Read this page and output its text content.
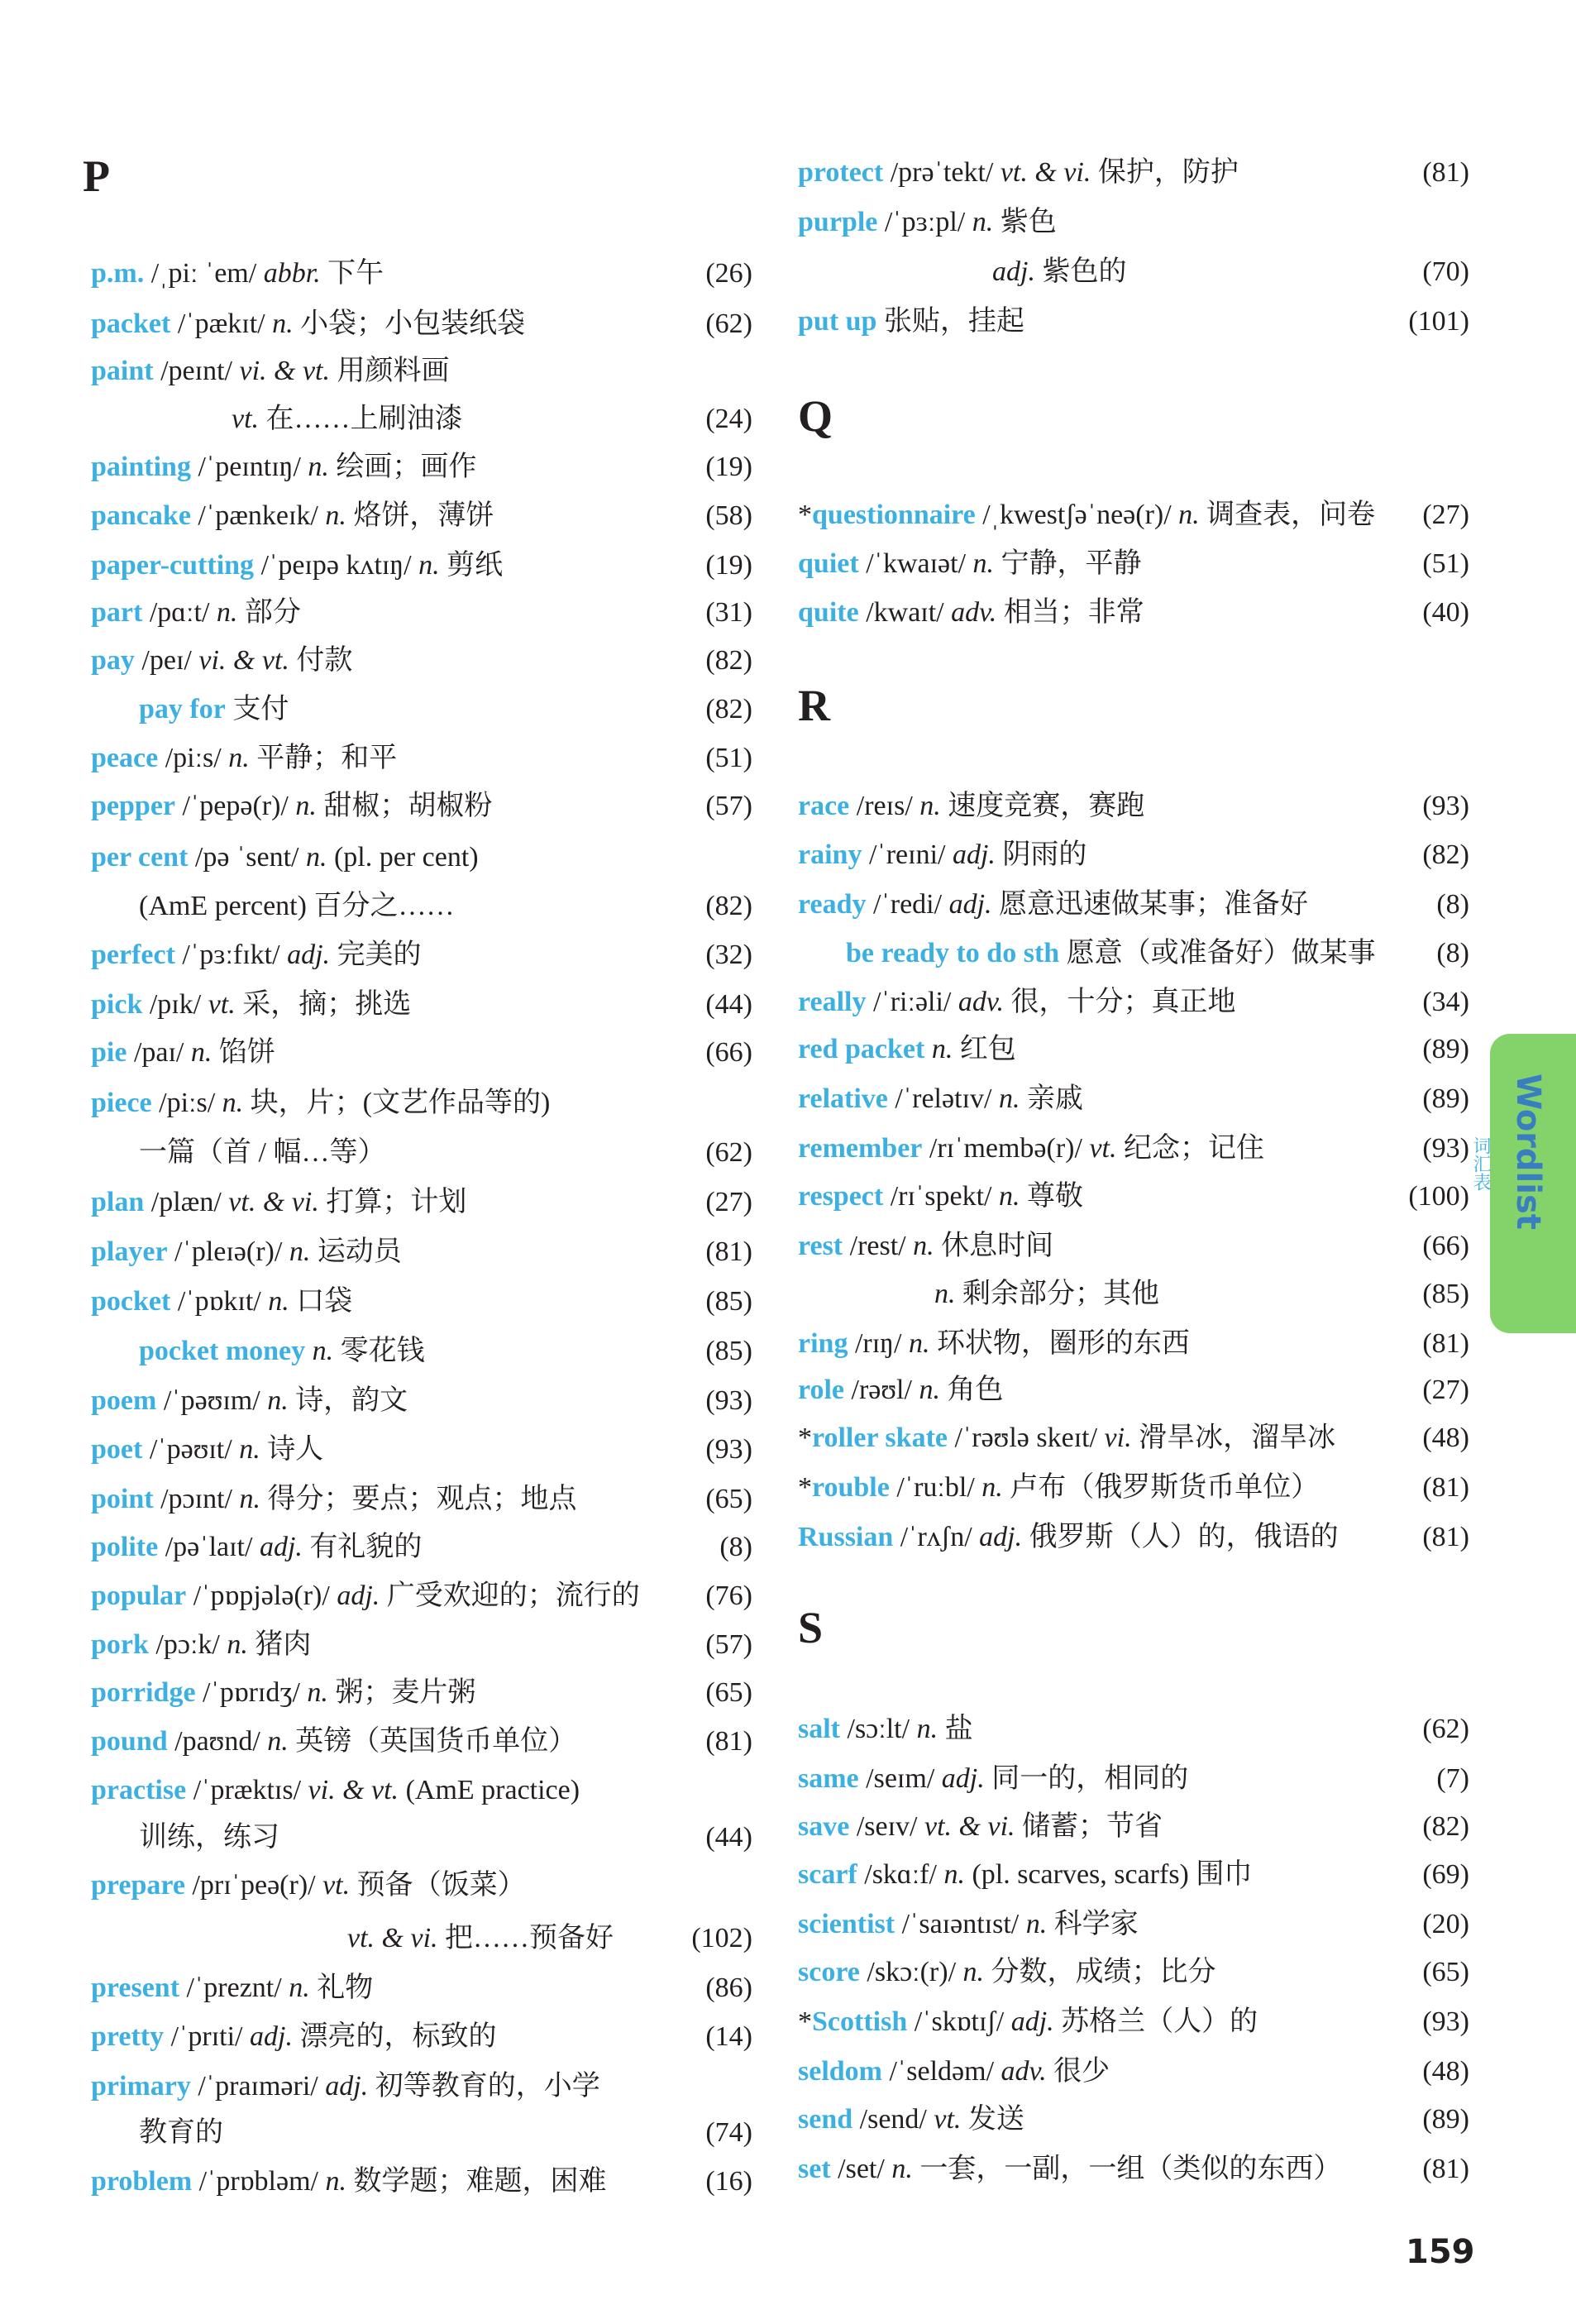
P
p.m. /ˌpiː ˈem/ abbr. 下午	(26)
packet /ˈpækɪt/ n. 小袋；小包装纸袋	(62)
paint /peɪnt/ vi. & vt. 用颜料画
vt. 在……上刷油漆	(24)
painting /ˈpeɪntɪŋ/ n. 绘画；画作	(19)
pancake /ˈpænkeɪk/ n. 烙饼，薄饼	(58)
paper-cutting /ˈpeɪpə kʌtɪŋ/ n. 剪纸	(19)
part /pɑːt/ n. 部分	(31)
pay /peɪ/ vi. & vt. 付款	(82)
pay for 支付	(82)
peace /piːs/ n. 平静；和平	(51)
pepper /ˈpepə(r)/ n. 甜椒；胡椒粉	(57)
per cent /pə ˈsent/ n. (pl. per cent)
(AmE percent) 百分之……	(82)
perfect /ˈpɜːfɪkt/ adj. 完美的	(32)
pick /pɪk/ vt. 采，摘；挑选	(44)
pie /paɪ/ n. 馅饼	(66)
piece /piːs/ n. 块，片；(文艺作品等的)
一篇（首 / 幅…等）	(62)
plan /plæn/ vt. & vi. 打算；计划	(27)
player /ˈpleɪə(r)/ n. 运动员	(81)
pocket /ˈpɒkɪt/ n. 口袋	(85)
pocket money n. 零花钱	(85)
poem /ˈpəʊɪm/ n. 诗，韵文	(93)
poet /ˈpəʊɪt/ n. 诗人	(93)
point /pɔɪnt/ n. 得分；要点；观点；地点	(65)
polite /pəˈlaɪt/ adj. 有礼貌的	(8)
popular /ˈpɒpjələ(r)/ adj. 广受欢迎的；流行的 (76)
pork /pɔːk/ n. 猪肉	(57)
porridge /ˈpɒrɪdʒ/ n. 粥；麦片粥	(65)
pound /paʊnd/ n. 英镑（英国货币单位）	(81)
practise /ˈpræktɪs/ vi. & vt. (AmE practice)
训练，练习	(44)
prepare /prɪˈpeə(r)/ vt. 预备（饭菜）
vt. & vi. 把……预备好	(102)
present /ˈpreznt/ n. 礼物	(86)
pretty /ˈprɪti/ adj. 漂亮的，标致的	(14)
primary /ˈpraɪməri/ adj. 初等教育的，小学
教育的	(74)
problem /ˈprɒbləm/ n. 数学题；难题，困难	(16)
protect /prəˈtekt/ vt. & vi. 保护，防护	(81)
purple /ˈpɜːpl/ n. 紫色
adj. 紫色的	(70)
put up 张贴，挂起	(101)
Q
*questionnaire /ˌkwestʃəˈneə(r)/ n. 调查表，问卷 (27)
quiet /ˈkwaɪət/ n. 宁静，平静	(51)
quite /kwaɪt/ adv. 相当；非常	(40)
R
race /reɪs/ n. 速度竞赛，赛跑	(93)
rainy /ˈreɪni/ adj. 阴雨的	(82)
ready /ˈredi/ adj. 愿意迅速做某事；准备好	(8)
be ready to do sth 愿意（或准备好）做某事 (8)
really /ˈriːəli/ adv. 很，十分；真正地	(34)
red packet n. 红包	(89)
relative /ˈrelətɪv/ n. 亲戚	(89)
remember /rɪˈmembə(r)/ vt. 纪念；记住	(93)
respect /rɪˈspekt/ n. 尊敬	(100)
rest /rest/ n. 休息时间	(66)
n. 剩余部分；其他	(85)
ring /rɪŋ/ n. 环状物，圈形的东西	(81)
role /rəʊl/ n. 角色	(27)
*roller skate /ˈrəʊlə skeɪt/ vi. 滑旱冰，溜旱冰	(48)
*rouble /ˈruːbl/ n. 卢布（俄罗斯货币单位）	(81)
Russian /ˈrʌʃn/ adj. 俄罗斯（人）的，俄语的	(81)
S
salt /sɔːlt/ n. 盐	(62)
same /seɪm/ adj. 同一的，相同的	(7)
save /seɪv/ vt. & vi. 储蓄；节省	(82)
scarf /skɑːf/ n. (pl. scarves, scarfs) 围巾	(69)
scientist /ˈsaɪəntɪst/ n. 科学家	(20)
score /skɔː(r)/ n. 分数，成绩；比分	(65)
*Scottish /ˈskɒtɪʃ/ adj. 苏格兰（人）的	(93)
seldom /ˈseldəm/ adv. 很少	(48)
send /send/ vt. 发送	(89)
set /set/ n. 一套，一副，一组（类似的东西）	(81)
Wordlist
词汇表
159
